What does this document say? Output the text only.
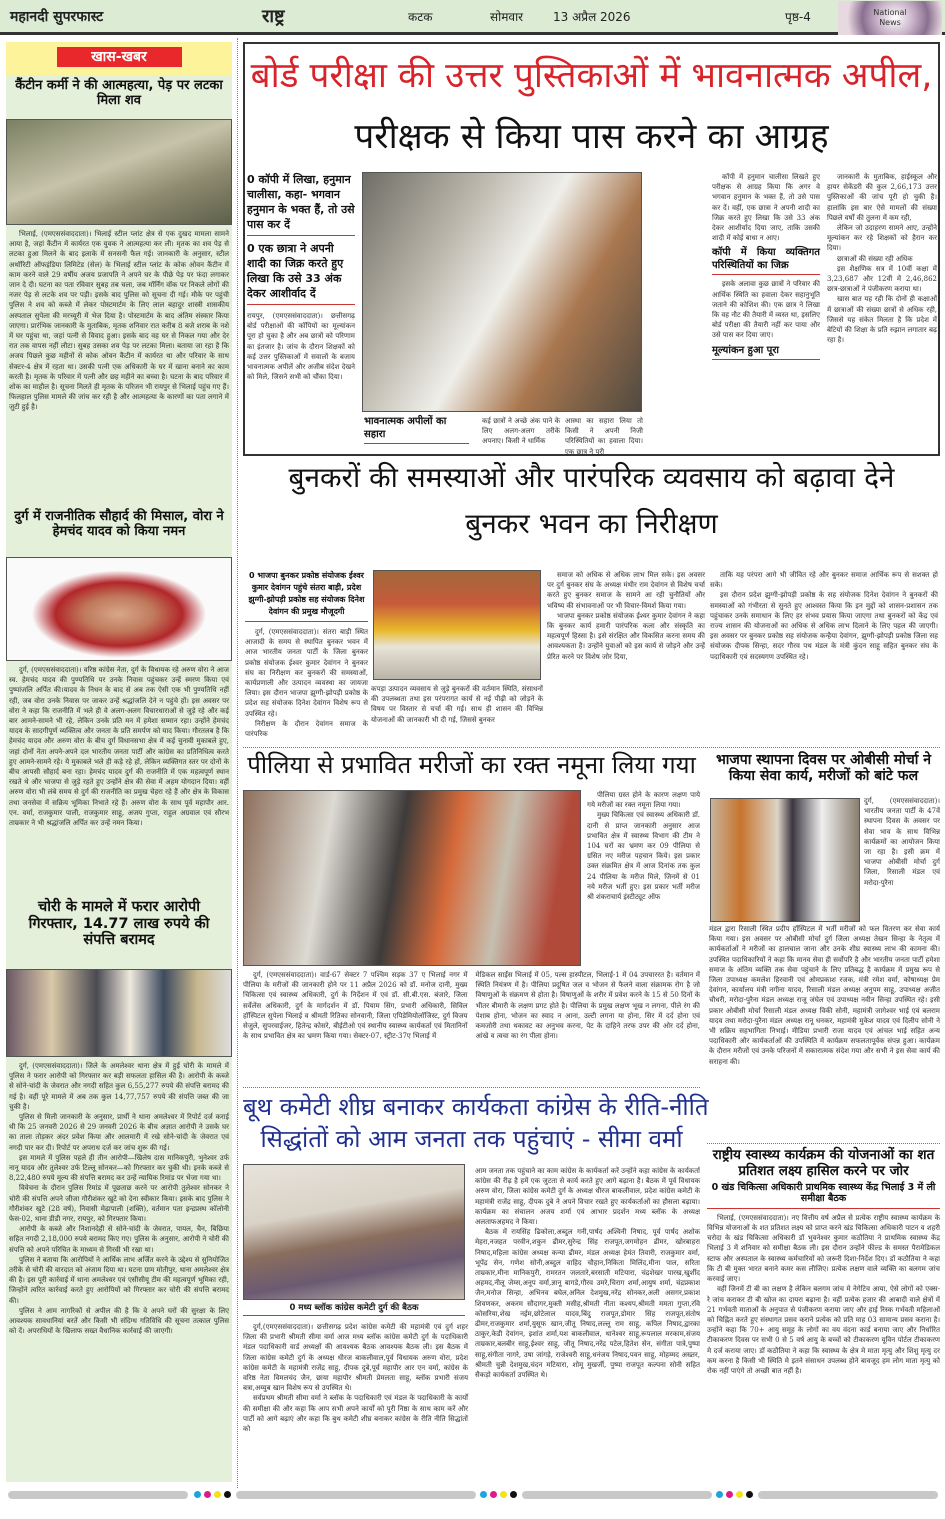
महानदी सुपरफास्ट	राष्ट्र	कटक	सोमवार 13 अप्रैल 2026	पृष्ठ-4	National
News
खास-खबर
कैंटीन कर्मी ने की आत्महत्या, पेड़ पर लटका मिला शव

भिलाई, (एमएससंवाददाता)। भिलाई स्टील प्लांट क्षेत्र से एक दुखद मामला सामने आया है, जहां कैंटीन में कार्यरत एक युवक ने आत्महत्या कर ली। मृतक का शव पेड़ से लटका हुआ मिलने के बाद इलाके में सनसनी फैल गई। जानकारी के अनुसार, स्टील अथॉरिटी ऑफइंडिया लिमिटेड (सेल) के भिलाई स्टील प्लांट के कोक ओवन कैंटीन में काम करने वाले 29 वर्षीय अजय प्रजापति ने अपने घर के पीछे पेड़ पर फंदा लगाकर जान दे दी। घटना का पता रविवार सुबह तब चला, जब मॉर्निंग वॉक पर निकले लोगों की नजर पेड़ से लटके शव पर पड़ी। इसके बाद पुलिस को सूचना दी गई। मौके पर पहुंची पुलिस ने शव को कब्जे में लेकर पोस्टमार्टम के लिए लाल बहादुर शास्त्री शासकीय अस्पताल सुपेला की मरच्यूरी में भेज दिया है। पोस्टमार्टम के बाद अंतिम संस्कार किया जाएगा। प्रारंभिक जानकारी के मुताबिक, मृतक शनिवार रात करीब 8 बजे शराब के नशे में घर पहुंचा था, जहां पत्नी से विवाद हुआ। इसके बाद वह घर से निकल गया और देर रात तक वापस नहीं लौटा। सुबह उसका शव पेड़ पर लटका मिला। बताया जा रहा है कि अजय पिछले कुछ महीनों से कोक ओवन कैंटीन में कार्यरत था और परिवार के साथ सेक्टर-4 क्षेत्र में रहता था। उसकी पत्नी एक अधिकारी के घर में खाना बनाने का काम करती है। मृतक के परिवार में पत्नी और छह महीने का बच्चा है। घटना के बाद परिवार में शोक का माहौल है। सूचना मिलते ही मृतक के परिजन भी रायपुर से भिलाई पहुंच गए हैं। फिलहाल पुलिस मामले की जांच कर रही है और आत्महत्या के कारणों का पता लगाने में जुटी हुई है।

दुर्ग में राजनीतिक सौहार्द की मिसाल, वोरा ने हेमचंद यादव को किया नमन

दुर्ग, (एमएससंवाददाता)। वरिष्ठ कांग्रेस नेता, दुर्ग के विधायक रहे अरुण वोरा ने आज स्व. हेमचंद यादव की पुण्यतिथि पर उनके निवास पहुंचकर उन्हें स्मरण किया एवं पुष्पांजलि अर्पित की।यादव के निधन के बाद से अब तक ऐसी एक भी पुण्यतिथि नहीं रही, जब वोरा उनके निवास पर जाकर उन्हें श्रद्धांजलि देने न पहुंचे हों। इस अवसर पर वोरा ने कहा कि राजनीति में भले ही वे अलग-अलग विचारधाराओं से जुड़े रहे और कई बार आमने-सामने भी रहे, लेकिन उनके प्रति मन में हमेशा सम्मान रहा। उन्होंने हेमचंद यादव के सादगीपूर्ण व्यक्तित्व और जनता के प्रति समर्पण को याद किया। गौरतलब है कि हेमचंद यादव और अरुण वोरा के बीच दुर्ग विधानसभा क्षेत्र में कई चुनावी मुकाबले हुए, जहां दोनों नेता अपने-अपने दल भारतीय जनता पार्टी और कांग्रेस का प्रतिनिधित्व करते हुए आमने-सामने रहे। ये मुकाबले भले ही कड़े रहे हों, लेकिन व्यक्तिगत स्तर पर दोनों के बीच आपसी सौहार्द बना रहा। हेमचंद यादव दुर्ग की राजनीति में एक महत्वपूर्ण स्थान रखते थे और भाजपा से जुड़े रहते हुए उन्होंने क्षेत्र की सेवा में अहम योगदान दिया। वहीं अरुण वोरा भी लंबे समय से दुर्ग की राजनीति का प्रमुख चेहरा रहे हैं और क्षेत्र के विकास तथा जनसेवा में सक्रिय भूमिका निभाते रहे हैं। अरुण वोरा के साथ पूर्व महापौर आर. एन. वर्मा, राजकुमार पाली, राजकुमार साहू, अजय गुप्ता, राहुल अग्रवाल एवं सौरभ ताम्रकार ने भी श्रद्धांजलि अर्पित कर उन्हें नमन किया।

चोरी के मामले में फरार आरोपी गिरफ्तार, 14.77 लाख रुपये की संपत्ति बरामद

दुर्ग, (एमएससंवाददाता)। जिले के अमलेश्वर थाना क्षेत्र में हुई चोरी के मामले में पुलिस ने फरार आरोपी को गिरफ्तार कर बड़ी सफलता हासिल की है। आरोपी के कब्जे से सोने-चांदी के जेवरात और नगदी सहित कुल 6,55,277 रुपये की संपत्ति बरामद की गई है। वहीं पूरे मामले में अब तक कुल 14,77,757 रुपये की संपत्ति जब्त की जा चुकी है।

पुलिस से मिली जानकारी के अनुसार, प्रार्थी ने थाना अमलेश्वर में रिपोर्ट दर्ज कराई थी कि 25 जनवरी 2026 से 29 जनवरी 2026 के बीच अज्ञात आरोपी ने उसके घर का ताला तोड़कर अंदर प्रवेश किया और आलमारी में रखे सोने-चांदी के जेवरात एवं नगदी पार कर दी। रिपोर्ट पर अपराध दर्ज कर जांच शुरू की गई।

इस मामले में पुलिस पहले ही तीन आरोपी—खिलेष दास मानिकपुरी, भुनेश्वर उर्फ नानू यादव और तुलेश्वर उर्फ टिल्लू सोनकर—को गिरफ्तार कर चुकी थी। इनके कब्जे से 8,22,480 रुपये मूल्य की संपत्ति बरामद कर उन्हें न्यायिक रिमांड पर भेजा गया था।

विवेचना के दौरान पुलिस रिमांड में पूछताछ करने पर आरोपी तुलेश्वर सोनकर ने चोरी की संपत्ति अपने जीजा गौरीशंकर खुटे को देना स्वीकार किया। इसके बाद पुलिस ने गौरीशंकर खुटे (28 वर्ष), निवासी मेढ़ापाली (शक्ति), वर्तमान पता इन्द्रप्रस्थ कॉलोनी फेस-02, थाना डीडी नगर, रायपुर, को गिरफ्तार किया।

आरोपी के कब्जे और निशानदेही से सोने-चांदी के जेवरात, पायल, चैन, बिछिया सहित नगदी 2,18,000 रुपये बरामद किए गए। पुलिस के अनुसार, आरोपी ने चोरी की संपत्ति को अपने परिचित के माध्यम से गिरवी भी रखा था।

पुलिस ने बताया कि आरोपियों ने आर्थिक लाभ अर्जित करने के उद्देश्य से सुनियोजित तरीके से चोरी की वारदात को अंजाम दिया था। घटना ग्राम मोतीपुर, थाना अमलेश्वर क्षेत्र की है। इस पूरी कार्रवाई में थाना अमलेश्वर एवं एसीसीयू टीम की महत्वपूर्ण भूमिका रही, जिन्होंने त्वरित कार्रवाई करते हुए आरोपियों को गिरफ्तार कर चोरी की संपत्ति बरामद की।

पुलिस ने आम नागरिकों से अपील की है कि वे अपने घरों की सुरक्षा के लिए आवश्यक सावधानियां बरतें और किसी भी संदिग्ध गतिविधि की सूचना तत्काल पुलिस को दें। अपराधियों के खिलाफ सख्त वैधानिक कार्रवाई की जाएगी।

बोर्ड परीक्षा की उत्तर पुस्तिकाओं में भावनात्मक अपील,
परीक्षक से किया पास करने का आग्रह
0 कॉपी में लिखा, हनुमान चालीसा, कहा- भगवान हनुमान के भक्त हैं, तो उसे पास कर दें
0 एक छात्रा ने अपनी शादी का जिक्र करते हुए लिखा कि उसे 33 अंक देकर आशीर्वाद दें
रायपुर, (एमएससंवाददाता)। छत्तीसगढ़ बोर्ड परीक्षाओं की कॉपियों का मूल्यांकन पूरा हो चुका है और अब छात्रों को परिणाम का इंतजार है। जांच के दौरान शिक्षकों को कई उत्तर पुस्तिकाओं में सवालों के बजाय भावनात्मक अपीलें और अजीब संदेश देखने को मिले, जिसने सभी को चौंका दिया।
भावनात्मक अपीलों का सहारा
कई छात्रों ने अच्छे अंक पाने के लिए अलग-अलग तरीके अपनाए। किसी ने धार्मिक
आस्था का सहारा लिया तो किसी ने अपनी निजी परिस्थितियों का हवाला दिया। एक छात्र ने पूरी

कॉपी में हनुमान चालीसा लिखते हुए परीक्षक से आग्रह किया कि अगर वे भगवान हनुमान के भक्त हैं, तो उसे पास कर दें। वहीं, एक छात्रा ने अपनी शादी का जिक्र करते हुए लिखा कि उसे 33 अंक देकर आशीर्वाद दिया जाए, ताकि उसकी शादी में कोई बाधा न आए।

कॉपी में किया व्यक्तिगत परिस्थितियों का जिक्र

इसके अलावा कुछ छात्रों ने परिवार की आर्थिक स्थिति का हवाला देकर सहानुभूति जताने की कोशिश की। एक छात्र ने लिखा कि वह नौट की तैयारी में व्यस्त था, इसलिए बोर्ड परीक्षा की तैयारी नहीं कर पाया और उसे पास कर दिया जाए।

मूल्यांकन हुआ पूरा

जानकारी के मुताबिक, हाईस्कूल और हायर सेकेंडरी की कुल 2,66,173 उत्तर पुस्तिकाओं की जांच पूरी हो चुकी है। हालांकि इस बार ऐसे मामलों की संख्या पिछले वर्षों की तुलना में कम रही,

लेकिन जो उदाहरण सामने आए, उन्होंने मूल्यांकन कर रहे शिक्षकों को हैरान कर दिया।

छात्राओं की संख्या रही अधिक

इस शैक्षणिक सत्र में 10वीं कक्षा में 3,23,687 और 12वीं में 2,46,862 छात्र-छात्राओं ने पंजीकरण कराया था।

खास बात यह रही कि दोनों ही कक्षाओं में छात्राओं की संख्या छात्रों से अधिक रही, जिससे यह संकेत मिलता है कि प्रदेश में बेटियों की शिक्षा के प्रति रुझान लगातार बढ़ रहा है।

बुनकरों की समस्याओं और पारंपरिक व्यवसाय को बढ़ावा देने
बुनकर भवन का निरीक्षण
0 भाजपा बुनकर प्रकोष्ठ संयोजक ईश्वर कुमार देवांगन पहुंचे संतरा बाड़ी, प्रदेश झुग्गी-झोपड़ी प्रकोष्ठ सह संयोजक दिनेश देवांगन की प्रमुख मौजूदगी

दुर्ग, (एमएससंवाददाता)। संतरा बाड़ी स्थित आजादी के समय से स्थापित बुनकर भवन में आज भारतीय जनता पार्टी के जिला बुनकर प्रकोष्ठ संयोजक ईश्वर कुमार देवांगन ने बुनकर संघ का निरीक्षण कर बुनकरों की समस्याओं, कार्यप्रणाली और उत्पादन व्यवस्था का जायजा लिया। इस दौरान भाजपा झुग्गी-झोपड़ी प्रकोष्ठ के प्रदेश सह संयोजक दिनेश देवांगन विशेष रूप से उपस्थित रहे।

निरीक्षण के दौरान देवांगन समाज के पारंपरिक

कपड़ा उत्पादन व्यवसाय से जुड़े बुनकरों की वर्तमान स्थिति, संसाधनों की उपलब्धता तथा इस परंपरागत कार्य से नई पीढ़ी को जोड़ने के विषय पर विस्तार से चर्चा की गई। साथ ही शासन की विभिन्न योजनाओं की जानकारी भी दी गई, जिससे बुनकर

समाज को अधिक से अधिक लाभ मिल सके। इस अवसर पर दुर्ग बुनकर संघ के अध्यक्ष मंथीर राम देवांगन से विशेष चर्चा करते हुए बुनकर समाज के सामने आ रही चुनौतियों और भविष्य की संभावनाओं पर भी विचार-विमर्श किया गया।

भाजपा बुनकर प्रकोष्ठ संयोजक ईश्वर कुमार देवांगन ने कहा कि बुनकर कार्य हमारी पारंपरिक कला और संस्कृति का महत्वपूर्ण हिस्सा है। इसे संरक्षित और विकसित करना समय की आवश्यकता है। उन्होंने युवाओं को इस कार्य से जोड़ने और उन्हें प्रेरित करने पर विशेष जोर दिया,

ताकि यह परंपरा आगे भी जीवित रहे और बुनकर समाज आर्थिक रूप से सशक्त हो सके।

इस दौरान प्रदेश झुग्गी-झोपड़ी प्रकोष्ठ के सह संयोजक दिनेश देवांगन ने बुनकरों की समस्याओं को गंभीरता से सुनते हुए आश्वस्त किया कि इन मुद्दों को शासन-प्रशासन तक पहुंचाकर उनके समाधान के लिए हर संभव प्रयास किया जाएगा तथा बुनकरों को केंद्र एवं राज्य शासन की योजनाओं का अधिक से अधिक लाभ दिलाने के लिए पहल की जाएगी। इस अवसर पर बुनकर प्रकोष्ठ सह संयोजक कन्हैया देवांगन, झुग्गी-झोपड़ी प्रकोष्ठ जिला सह संयोजक दीपक सिन्हा, सदर गौरव पथ मंडल के मंत्री कुंदन साहू सहित बुनकर संघ के पदाधिकारी एवं सदस्यगण उपस्थित रहे।

पीलिया से प्रभावित मरीजों का रक्त नमूना लिया गया

पीलिया ग्रस्त होने के कारण लक्षण पाये गये मरीजों का रक्त नमूना लिया गया।

मुख्य चिकित्सा एवं स्वास्थ्य अधिकारी डॉ. दानी से प्राप्त जानकारी अनुसार आज प्रभावित क्षेत्र में स्वास्थ्य विभाग की टीम ने 104 घरों का भ्रमण कर 09 पीलिया से ग्रसित नए मरीज पहचान किये। इस प्रकार उक्त संक्रमित क्षेत्र में आज दिनांक तक कुल 24 पीलिया के मरीज मिले, जिनमें से 01 नये मरीज भर्ती हुए। इस प्रकार भर्ती मरीज श्री शंकराचार्य इंस्टीट्यूट ऑफ

दुर्ग, (एमएससंवाददाता)। वार्ड-67 सेक्टर 7 पश्चिम सड़क 37 ए भिलाई नगर में पीलिया के मरीजों की जानकारी होने पर 11 अप्रैल 2026 को डॉ. मनोज दानी, मुख्य चिकित्सा एवं स्वास्थ्य अधिकारी, दुर्ग के निर्देशन में एवं डॉ. सी.बी.एस. बंजारे, जिला सर्वेलेंस अधिकारी, दुर्ग के मार्गदर्शन में डॉ. पियाम सिंग, प्रभारी अधिकारी, सिविल हॉस्पिटल सुपेला भिलाई व श्रीमती रितिका सोनवानी, जिला एपिडेमियोलॉजिस्ट, दुर्ग विजय सेजुले, सुपरवाईजर, हितेन्द्र कोसरे, बीईटीओ एवं स्थानीय स्वास्थ्य कार्यकर्ता एवं मितानिनों के साथ प्रभावित क्षेत्र का भ्रमण किया गया। सेक्टर-07, स्ट्रीट-37ए भिलाई में

मेडिकल साईंस भिलाई में 05, पल्स हास्पीटल, भिलाई-1 में 04 उपचाररत है। वर्तमान में स्थिति नियंत्रण में है। पीलिया प्रदूषित जल व भोजन से फैलने वाला संक्रामक रोग है जो विषाणुओं के संक्रमण से होता है। विषाणुओं के शरीर में प्रवेश करने के 15 से 50 दिनों के भीतर बीमारी के लक्षण प्रगट होते है। पीलिया के प्रमुख लक्षण भूख न लगना, पीले रंग की पेशाब होना, भोजन का स्वाद न आना, उल्टी लगना या होना, सिर में दर्द होना एवं कमजोरी तथा थकावट का अनुभव करना, पेट के दाहिने तरफ उपर की ओर दर्द होना, आंखे व त्वचा का रंग पीला होना।

भाजपा स्थापना दिवस पर ओबीसी मोर्चा ने किया सेवा कार्य, मरीजों को बांटे फल
दुर्ग, (एमएससंवाददाता)। भारतीय जनता पार्टी के 47वें स्थापना दिवस के अवसर पर सेवा भाव के साथ विभिन्न कार्यक्रमों का आयोजन किया जा रहा है। इसी क्रम में भाजपा ओबीसी मोर्चा दुर्ग जिला, रिसाली मंडल एवं मरोदा-पुरैना
मंडल द्वारा रिसाली स्थित प्रदीप हॉस्पिटल में भर्ती मरीजों को फल वितरण कर सेवा कार्य किया गया। इस अवसर पर ओबीसी मोर्चा दुर्ग जिला अध्यक्ष तेखन सिन्हा के नेतृत्व में कार्यकर्ताओं ने मरीजों का हालचाल जाना और उनके शीघ्र स्वास्थ्य लाभ की कामना की। उपस्थित पदाधिकारियों ने कहा कि मानव सेवा ही सर्वोपरि है और भारतीय जनता पार्टी हमेशा समाज के अंतिम व्यक्ति तक सेवा पहुंचाने के लिए प्रतिबद्ध है कार्यक्रम में प्रमुख रूप से जिला उपाध्यक्ष कमलेश हिरवानी एवं ओमप्रकाश रजक, मंत्री रमेश वर्मा, कोषाध्यक्ष प्रेम देवांगन, कार्यालय मंत्री नगीना यादव, रिसाली मंडल अध्यक्ष अनुपम साहू, उपाध्यक्ष अजीत चौधरी, मरोदा-पुरैना मंडल अध्यक्ष राजू जंघेल एवं उपाध्यक्ष नवीन सिन्हा उपस्थित रहे। इसी प्रकार ओबीसी मोर्चा रिसाली मंडल अध्यक्ष विकी सोनी, महामंत्री जागेश्वर भाई एवं बलराम यादव तथा मरोदा-पुरैना मंडल अध्यक्ष रानू धनकर, महामंत्री मुकेश यादव एवं दिलीप सोनी ने भी सक्रिय सहभागिता निभाई। मीडिया प्रभारी राजा यादव एवं आंचल भाई सहित अन्य पदाधिकारी और कार्यकर्ताओं की उपस्थिति में कार्यक्रम सफलतापूर्वक संपन्न हुआ। कार्यक्रम के दौरान मरीजों एवं उनके परिजनों में सकारात्मक संदेश गया और सभी ने इस सेवा कार्य की सराहना की।
बूथ कमेटी शीघ्र बनाकर कार्यकता कांग्रेस के रीति-नीति
सिद्धांतों को आम जनता तक पहुंचाएं - सीमा वर्मा
0 मध्य ब्लॉक कांग्रेस कमेटी दुर्ग की बैठक

आम जनता तक पहुंचाने का काम कांग्रेस के कार्यकर्ता करें उन्होंने कहा कांग्रेस के कार्यकर्ता कांग्रेस की रीढ़ है हमें एक जुटता से कार्य करते हुए आगे बढ़ाना है। बैठक में पूर्व विधायक अरुण वोरा, जिला कांग्रेस कमेटी दुर्ग के अध्यक्ष धीरज बाकलीवाल, प्रदेश कांग्रेस कमेटी के महामंत्री राजेंद्र साहू, दीपक दुबे ने अपने विचार रखते हुए कार्यकर्ताओं का हौसला बढ़ाया। कार्यक्रम का संचालन अजय शर्मा एवं आभार प्रदर्शन मध्य ब्लॉक के अध्यक्ष अलताफअहमद ने किया।

बैठक में रायसिंह ढिकोला,अब्दुल गनी,पार्षद अश्विनी निषाद, पूर्व पार्षद अशोक मेहरा,नजहत परवीन,शकुन ढीमर,सुरेन्द्र सिंह राजपूत,जगमोहन ढीमर, खोरबाहरा निषाद,महिला कांग्रेस अध्यक्ष कन्या ढीमर, मंडल अध्यक्ष हेमंत तिवारी, राजकुमार वर्मा, भूपेंद्र सेन, गणेश सोनी,अब्दुल वाहिद चौहान,निकिता मिलिंद,मीना पाल, सरिता ताम्रकार,मीना मानिकपुरी, रामरतन जलतारे,बरसाती मटियारा, चंद्रशेखर पारख,खुर्शीद अहमद,नीलू जेम्स,अनूप वर्मा,ज्ञानू बागडे,गौरव उमरे,चिराग शर्मा,आयुष शर्मा, चंद्रप्रकाश जैन,मनोज सिन्हा, अभिनव बघेल,अनिल देशमुख,नरेंद्र सोनकर,अली असगर,प्रकाश शिवणकर, अकरम सौदागर,मुक्ती मसीह,श्रीमती नीता कश्यप,श्रीमती ममता गुप्ता,रवि कोसरिया,शेख नईम,छोटेलाल यादव,बिंदु राजपूत,डोमार सिंह राजपूत,संतोष ढीमर,राजकुमार शर्मा,युसूफ खान,जीतू निषाद,लल्लू राम साहू, कपिल निषाद,द्वारका ठाकुर,केडी देवांगन, इशांत शर्मा,यश बाकलीवाल, थानेश्वर साहू,रूपलाल मरकाम,संजय ताम्रकार,बलबीर साहू,ईश्वर साहू, जीतू निषाद,नरेंद्र पटेल,हितेश सेन, संगीता पात्रे,पुष्पा साहू,संगीता नागरे, उषा जांगड़े, राजेश्वरी साहू,धनंजय निषाद,पवन साहू, मोहम्मद अख्तर, श्रीमती चुन्नी देशमुख,चंदन मटियारा, शोमू मुखर्जी, पुष्पा राजपूत कल्पना सोनी सहित सैकड़ो कार्यकर्ता उपस्थित थे।

दुर्ग,(एमएससंवाददाता)। छत्तीसगढ़ प्रदेश कांग्रेस कमेटी की महामंत्री एवं दुर्ग शहर जिला की प्रभारी श्रीमती सीमा वर्मा आज मध्य ब्लॉक कांग्रेस कमेटी दुर्ग के पदाधिकारी मंडल पदाधिकारी वार्ड अध्यक्षों की आवश्यक बैठक आवश्यक बैठक ली। इस बैठक में जिला कांग्रेस कमेटी दुर्ग के अध्यक्ष धीरज बाकलीवाल,पूर्व विधायक अरुण वोरा, प्रदेश कांग्रेस कमेटी के महामंत्री राजेंद्र साहू, दीपक दुबे,पूर्व महापौर आर एन वर्मा, कांग्रेस के वरिष्ठ नेता विमलचंद जैन, छाया महापौर श्रीमती प्रेमलता साहू, ब्लॉक प्रभारी संजय बत्रा,अय्युब खान विशेष रूप से उपस्थित थे।

सर्वप्रथम श्रीमती सीमा वर्मा ने ब्लॉक के पदाधिकारी एवं मंडल के पदाधिकारी के कार्यों की समीक्षा की और कहा कि आप सभी अपने कार्यों को पूरी निष्ठा के साथ काम करें और पार्टी को आगे बढ़ाएं और कहा कि बुथ कमेटी शीघ्र बनाकर कांग्रेस के रीति नीति सिद्धांतों को

राष्ट्रीय स्वास्थ्य कार्यक्रम की योजनाओं का शत प्रतिशत लक्ष्य हासिल करने पर जोर
0 खंड चिकित्सा अधिकारी प्राथमिक स्वास्थ्य केंद्र भिलाई 3 में ली समीक्षा बैठक

भिलाई, (एमएससंवाददाता)। नए वित्तीय वर्ष अप्रैल से प्रत्येक राष्ट्रीय स्वास्थ्य कार्यक्रम के विभिन्न योजनाओं के शत प्रतिशत लक्ष्य को प्राप्त करने खंड चिकित्सा अधिकारी पाटन व शहरी चरोदा के खंड चिकित्सा अधिकारी डॉ भुवनेश्वर कुमार कठौतिया ने प्राथमिक स्वास्थ्य केंद्र भिलाई 3 में शनिवार को समीक्षा बैठक ली। इस दौरान उन्होंने फील्ड के समस्त पैरामेडिकल स्टाफ और अस्पताल के स्वास्थ्य कर्मचारियों को जरूरी दिशा-निर्देश दिए। डॉ कठौतिया ने कहा कि टी बी मुक्त भारत बनाने कमर कस लीजिए। प्रत्येक लक्षण वाले व्यक्ति का बलगम जांच करवाई जाए।

वहीं जिनमें टी बी का लक्षण है लेकिन बलगम जांच मे नेगेटिव आया, ऐसे लोगों को एक्स-रे जांच कराकर टी बी खोज का दायरा बढ़ाना है। वहीं प्रत्येक हजार की आबादी वाले क्षेत्रों में 21 गर्भवती माताओं के अनुपात से पंजीकरण कराया जाए और हाई रिस्क गर्भवती महिलाओं को चिह्नित करते हुए संस्थागत प्रसव कराने प्रत्येक को प्रति माह 03 सामान्य प्रसव कराना है। उन्होंने कहा कि 70+ आयु समूह के लोगों का वय वंदना कार्ड बनाया जाए और निर्धारित टीकाकरण दिवस पर सभी 0 से 5 वर्ष आयु के बच्चों को टीकाकरण यूविन पोर्टल टीकाकरण मे दर्ज कराया जाए। डॉ कठौतिया ने कहा कि स्वास्थ्य के क्षेत्र मे माता मृत्यु और शिशु मृत्यु दर कम करना है किसी भी स्थिति मे इतने संसाधन उपलब्ध होने बावजूद हम लोग माता मृत्यु को रोक नहीं पाएंगे तो अच्छी बात नहीं है।
